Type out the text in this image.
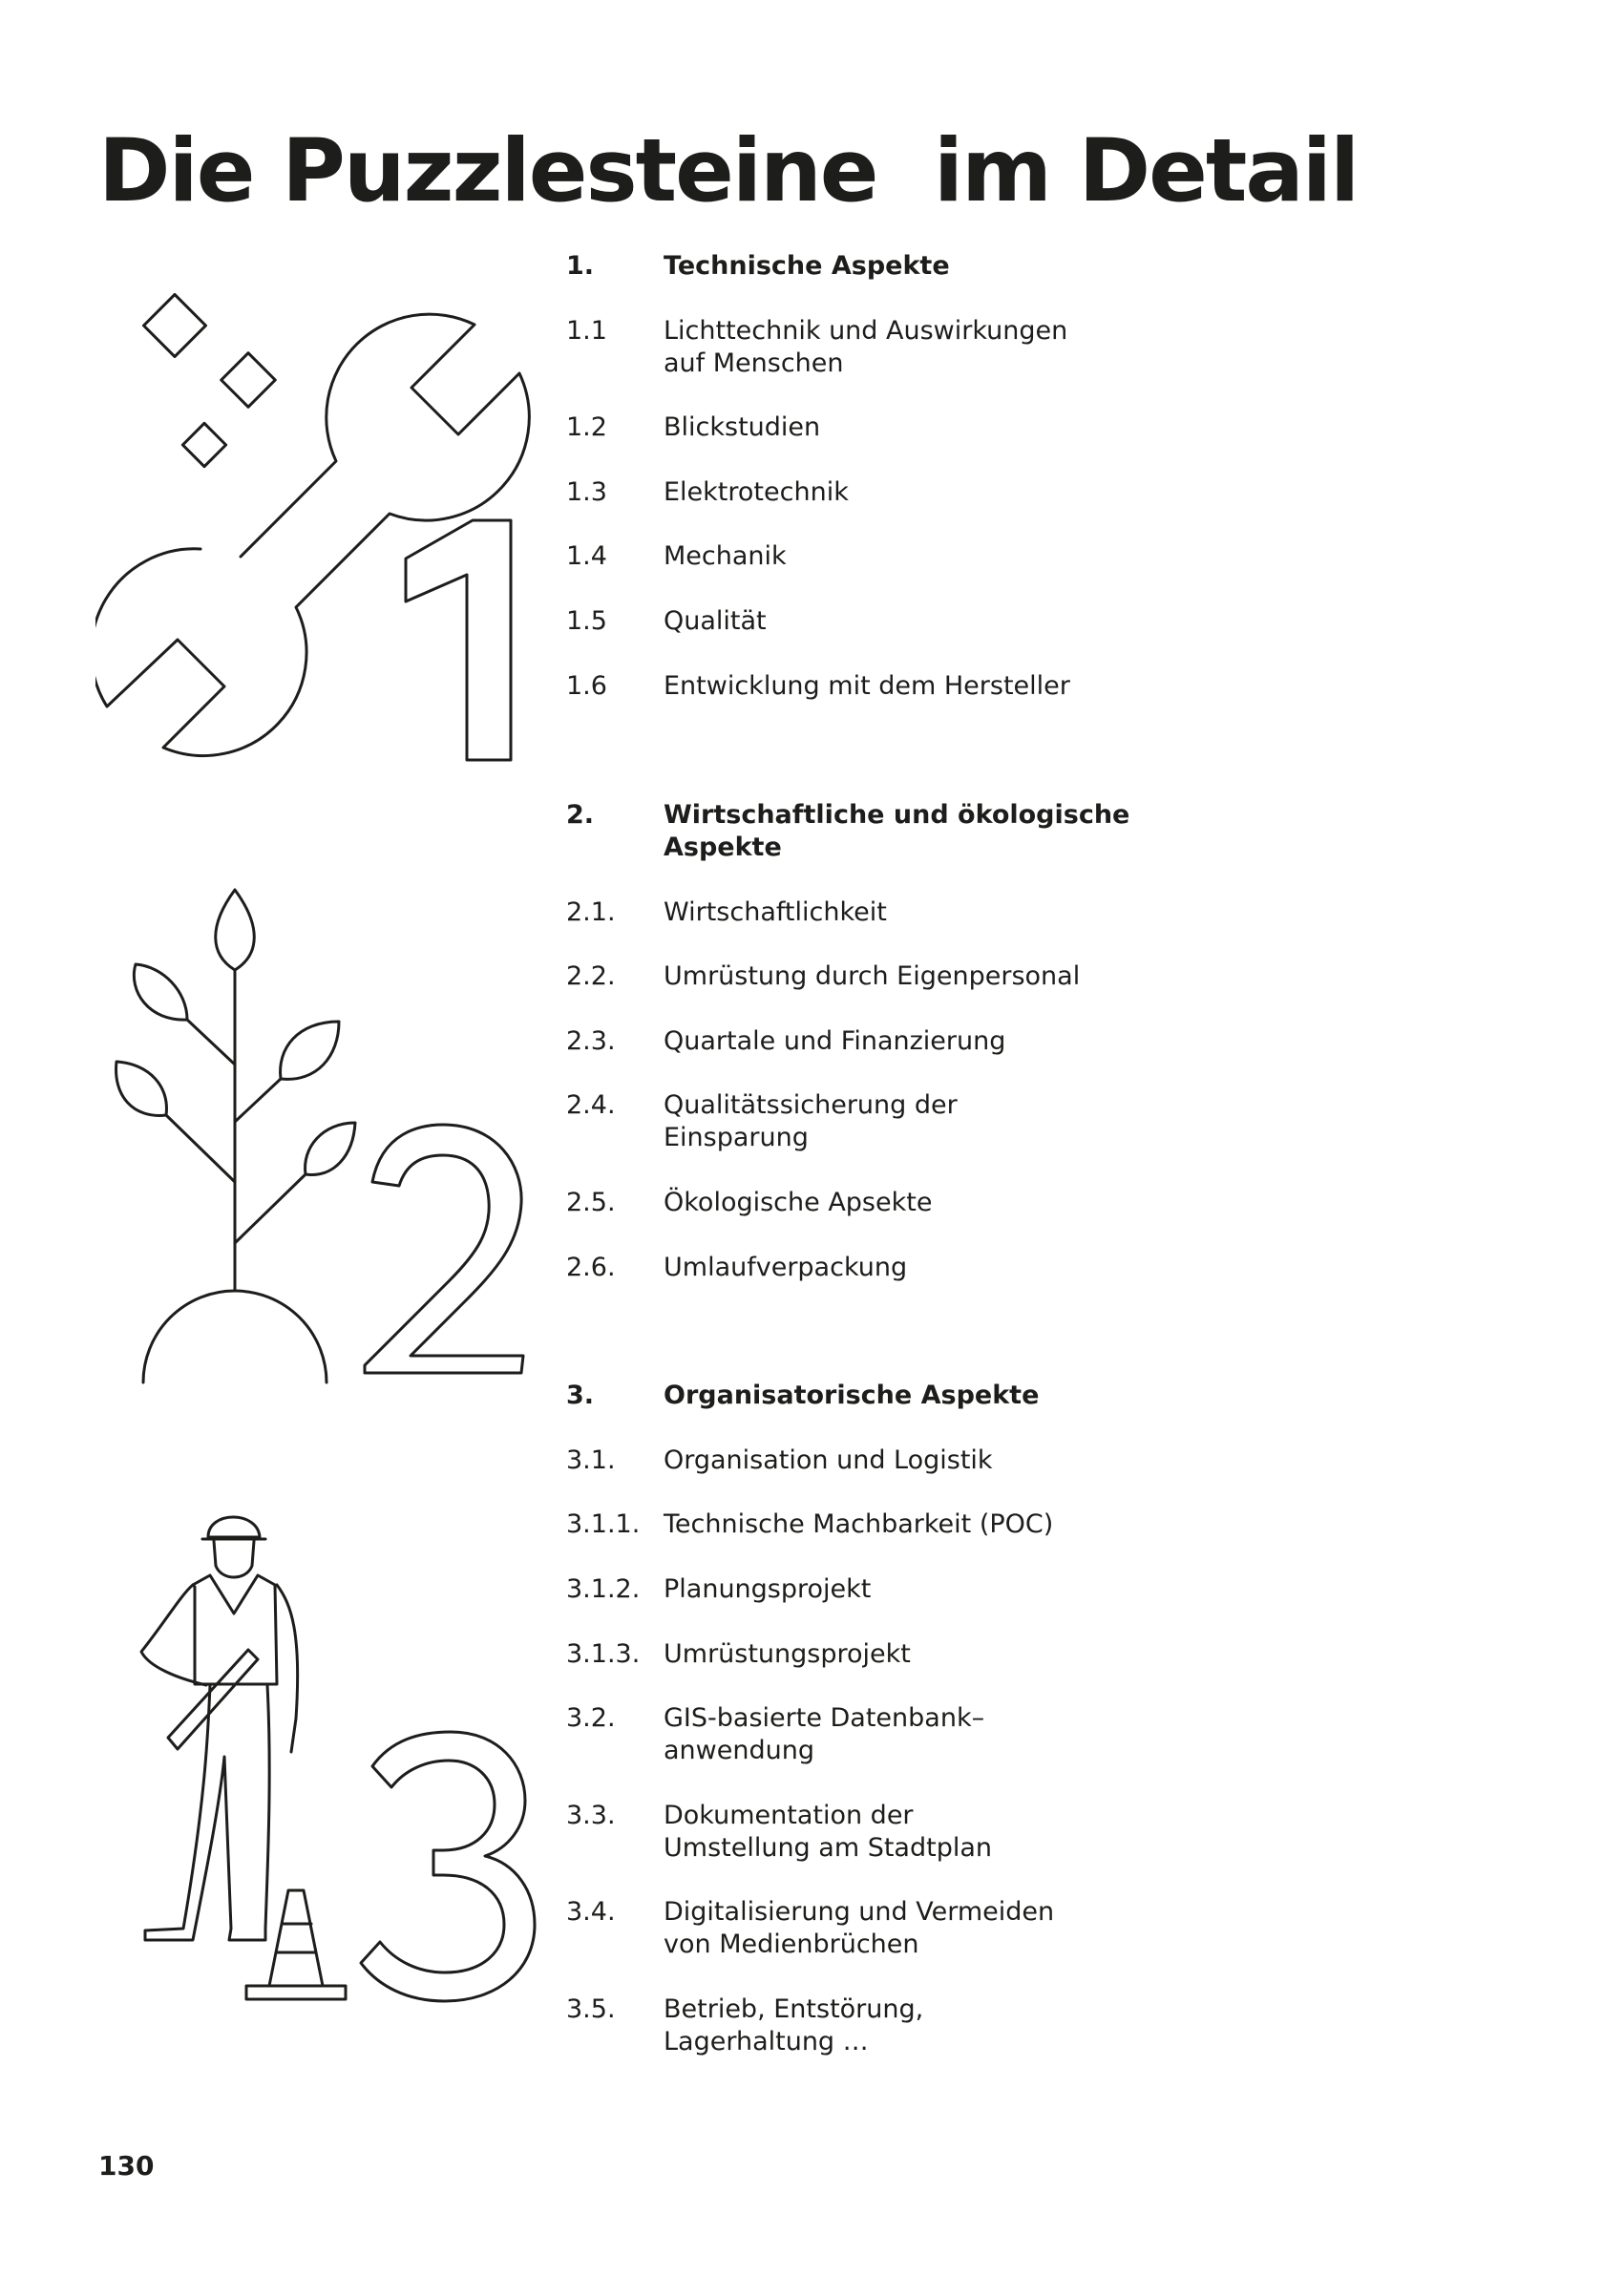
Die Puzzlesteine  im Detail
1.	Technische Aspekte
1.1	Lichttechnik und Auswirkungen
auf Menschen
1.2	Blickstudien
1.3	Elektrotechnik
1.4	Mechanik
1.5	Qualität
1.6	Entwicklung mit dem Hersteller
2.	Wirtschaftliche und ökologische
Aspekte
2.1.	Wirtschaftlichkeit
2.2.	Umrüstung durch Eigenpersonal
2.3.	Quartale und Finanzierung
2.4.	Qualitätssicherung der
Einsparung
2.5.	Ökologische Apsekte
2.6.	Umlaufverpackung
3.	Organisatorische Aspekte
3.1.	Organisation und Logistik
3.1.1. Technische Machbarkeit (POC)
3.1.2. Planungsprojekt
3.1.3. Umrüstungsprojekt
3.2.	GIS-basierte Datenbank–
anwendung
3.3.	Dokumentation der
Umstellung am Stadtplan
3.4.	Digitalisierung und Vermeiden
von Medienbrüchen
3.5.	Betrieb, Entstörung,
Lagerhaltung …
130
